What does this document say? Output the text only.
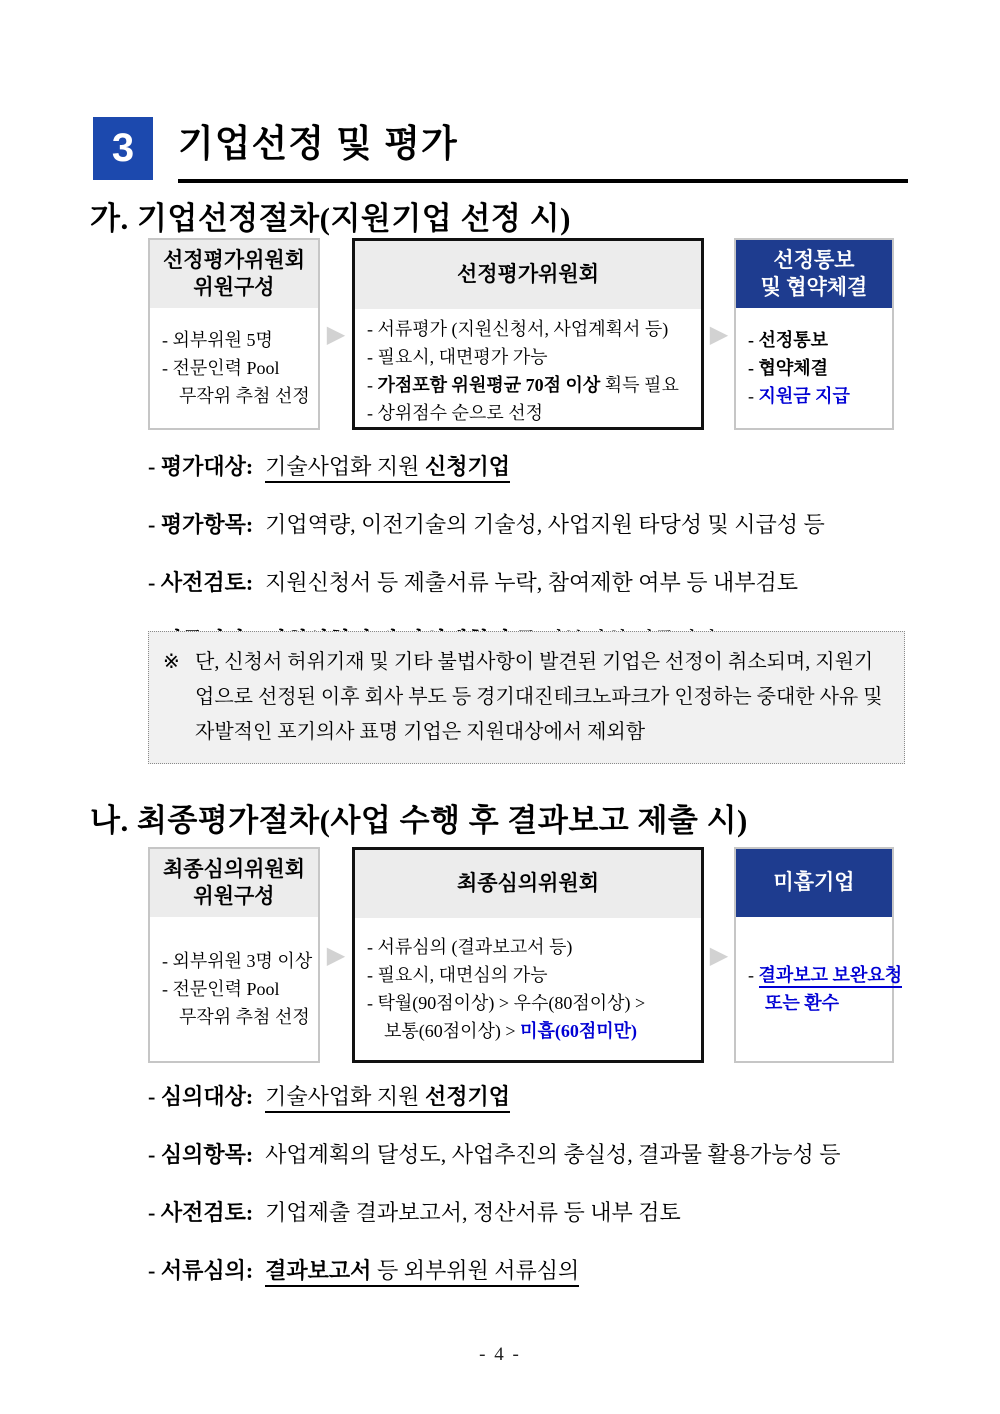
3	기업선정 및 평가
가. 기업선정절차(지원기업 선정 시)
선정평가위원회
위원구성
- 외부위원 5명
- 전문인력 Pool
무작위 추첨 선정
▶
선정평가위원회
- 서류평가 (지원신청서, 사업계획서 등)
- 필요시, 대면평가 가능
- 가점포함 위원평균 70점 이상 획득 필요
- 상위점수 순으로 선정
▶
선정통보
및 협약체결
- 선정통보
- 협약체결
- 지원금 지급
- 평가대상: 기술사업화 지원 신청기업
- 평가항목: 기업역량, 이전기술의 기술성, 사업지원 타당성 및 시급성 등
- 사전검토: 지원신청서 등 제출서류 누락, 참여제한 여부 등 내부검토
※ 단, 신청서 허위기재 및 기타 불법사항이 발견된 기업은 선정이 취소되며, 지원기업으로 선정된 이후 회사 부도 등 경기대진테크노파크가 인정하는 중대한 사유 및 자발적인 포기의사 표명 기업은 지원대상에서 제외함
나. 최종평가절차(사업 수행 후 결과보고 제출 시)
최종심의위원회
위원구성
- 외부위원 3명 이상
- 전문인력 Pool
무작위 추첨 선정
▶
최종심의위원회
- 서류심의 (결과보고서 등)
- 필요시, 대면심의 가능
- 탁월(90점이상) > 우수(80점이상) >
보통(60점이상) > 미흡(60점미만)
▶
미흡기업
- 결과보고 보완요청
또는 환수
- 심의대상: 기술사업화 지원 선정기업
- 심의항목: 사업계획의 달성도, 사업추진의 충실성, 결과물 활용가능성 등
- 사전검토: 기업제출 결과보고서, 정산서류 등 내부 검토
- 서류심의: 결과보고서 등 외부위원 서류심의
- 4 -
